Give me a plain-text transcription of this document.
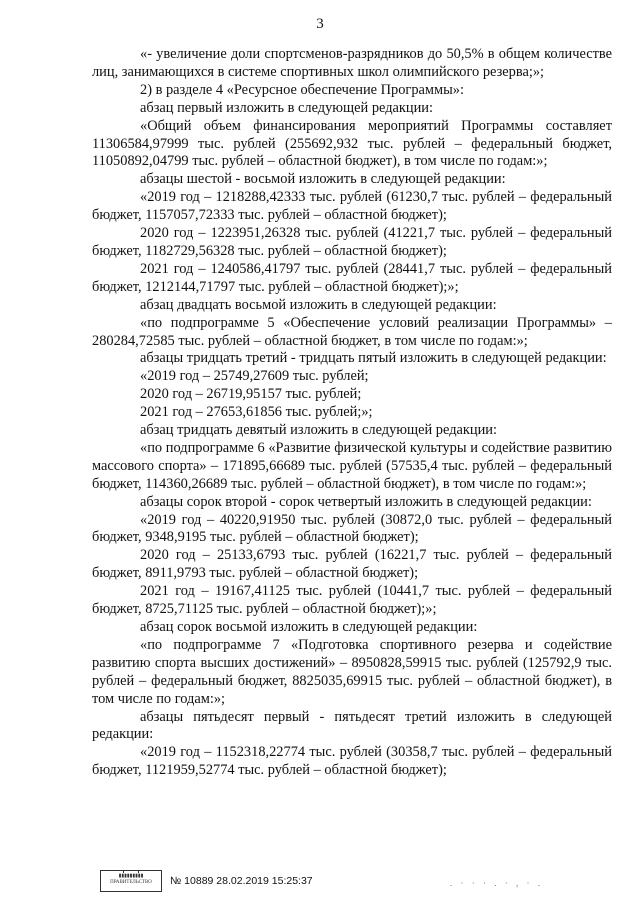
3

«- увеличение доли спортсменов-разрядников до 50,5% в общем количестве лиц, занимающихся в системе спортивных школ олимпийского резерва;»;

2) в разделе 4 «Ресурсное обеспечение Программы»:

абзац первый изложить в следующей редакции:

«Общий объем финансирования мероприятий Программы составляет 11306584,97999 тыс. рублей (255692,932 тыс. рублей – федеральный бюджет, 11050892,04799 тыс. рублей – областной бюджет), в том числе по годам:»;

абзацы шестой - восьмой изложить в следующей редакции:

«2019 год – 1218288,42333 тыс. рублей (61230,7 тыс. рублей – федеральный бюджет, 1157057,72333 тыс. рублей – областной бюджет);

2020 год – 1223951,26328 тыс. рублей (41221,7 тыс. рублей – федеральный бюджет, 1182729,56328 тыс. рублей – областной бюджет);

2021 год – 1240586,41797 тыс. рублей (28441,7 тыс. рублей – федеральный бюджет, 1212144,71797 тыс. рублей – областной бюджет);»;

абзац двадцать восьмой изложить в следующей редакции:

«по подпрограмме 5 «Обеспечение условий реализации Программы» – 280284,72585 тыс. рублей – областной бюджет, в том числе по годам:»;

абзацы тридцать третий - тридцать пятый изложить в следующей редакции:

«2019 год – 25749,27609 тыс. рублей;

2020 год – 26719,95157 тыс. рублей;

2021 год – 27653,61856 тыс. рублей;»;

абзац тридцать девятый изложить в следующей редакции:

«по подпрограмме 6 «Развитие физической культуры и содействие развитию массового спорта» – 171895,66689 тыс. рублей (57535,4 тыс. рублей – федеральный бюджет, 114360,26689 тыс. рублей – областной бюджет), в том числе по годам:»;

абзацы сорок второй - сорок четвертый изложить в следующей редакции:

«2019 год – 40220,91950 тыс. рублей (30872,0 тыс. рублей – федеральный бюджет, 9348,9195 тыс. рублей – областной бюджет);

2020 год – 25133,6793 тыс. рублей (16221,7 тыс. рублей – федеральный бюджет, 8911,9793 тыс. рублей – областной бюджет);

2021 год – 19167,41125 тыс. рублей (10441,7 тыс. рублей – федеральный бюджет, 8725,71125 тыс. рублей – областной бюджет);»;

абзац сорок восьмой изложить в следующей редакции:

«по подпрограмме 7 «Подготовка спортивного резерва и содействие развитию спорта высших достижений» – 8950828,59915 тыс. рублей (125792,9 тыс. рублей – федеральный бюджет, 8825035,69915 тыс. рублей – областной бюджет), в том числе по годам:»;

абзацы пятьдесят первый - пятьдесят третий изложить в следующей редакции:

«2019 год – 1152318,22774 тыс. рублей (30358,7 тыс. рублей – федеральный бюджет, 1121959,52774 тыс. рублей – областной бюджет);

▮▮▮▮▮▮▮▮▮
ПРАВИТЕЛЬСТВО	№ 10889 28.02.2019 15:25:37	. · · · . · , · .
